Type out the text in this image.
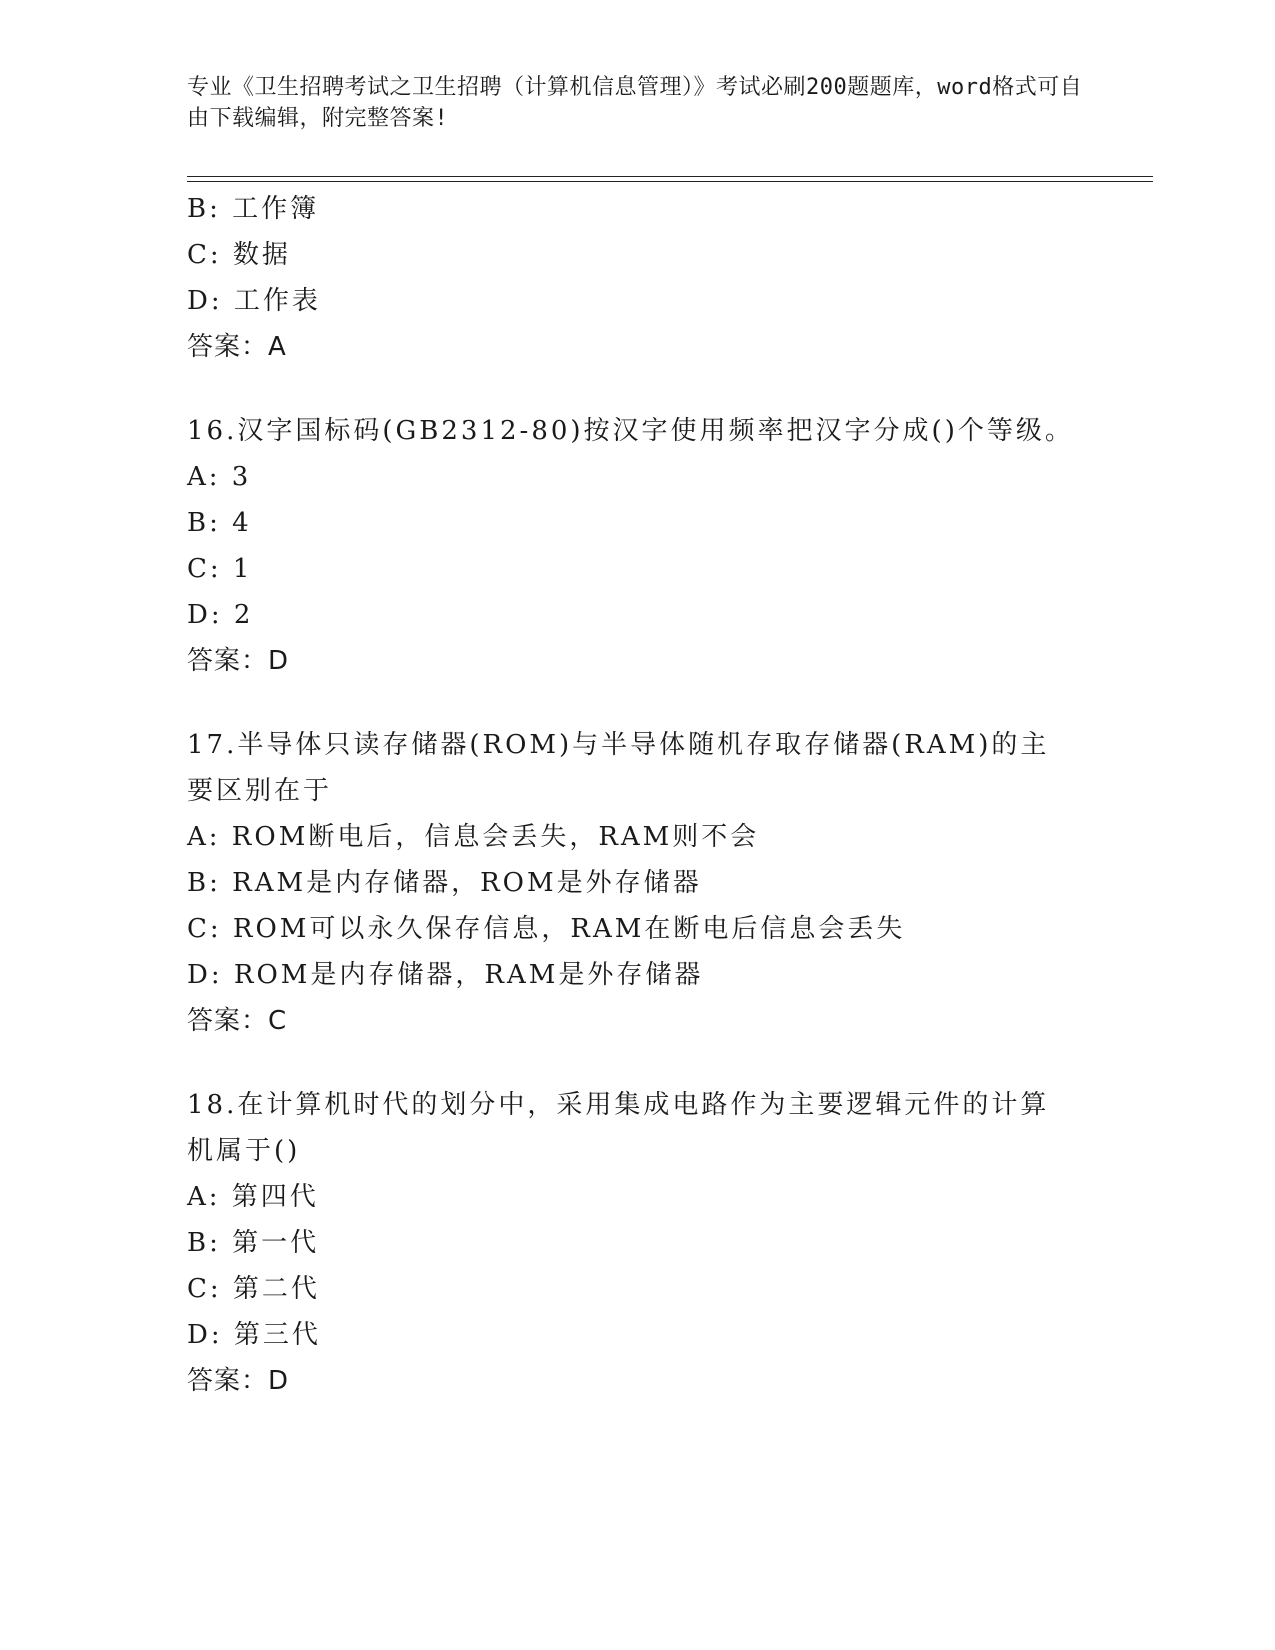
专业《卫生招聘考试之卫生招聘（计算机信息管理）》考试必刷200题题库，word格式可自由下载编辑，附完整答案!
B: 工作簿
C: 数据
D: 工作表
答案：A
16.汉字国标码(GB2312-80)按汉字使用频率把汉字分成()个等级。
A: 3
B: 4
C: 1
D: 2
答案：D
17.半导体只读存储器(ROM)与半导体随机存取存储器(RAM)的主要区别在于
A: ROM断电后，信息会丢失，RAM则不会
B: RAM是内存储器，ROM是外存储器
C: ROM可以永久保存信息，RAM在断电后信息会丢失
D: ROM是内存储器，RAM是外存储器
答案：C
18.在计算机时代的划分中，采用集成电路作为主要逻辑元件的计算机属于()
A: 第四代
B: 第一代
C: 第二代
D: 第三代
答案：D
